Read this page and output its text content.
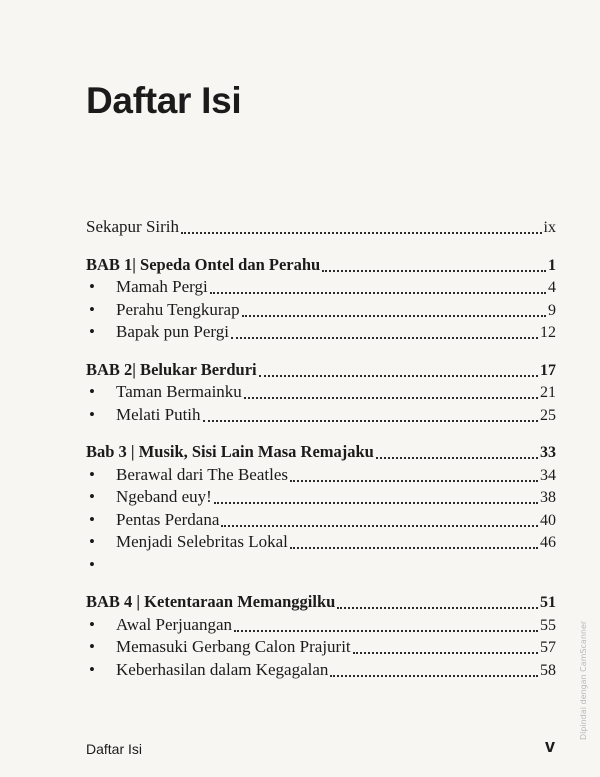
Daftar Isi
Sekapur Sirih	ix
BAB 1| Sepeda Ontel dan Perahu	1
•	Mamah Pergi	4
•	Perahu Tengkurap	9
•	Bapak pun Pergi	12
BAB 2| Belukar Berduri	17
•	Taman Bermainku	21
•	Melati Putih	25
Bab 3 | Musik, Sisi Lain Masa Remajaku	33
•	Berawal dari The Beatles	34
•	Ngeband euy!	38
•	Pentas Perdana	40
•	Menjadi Selebritas Lokal	46
•
BAB 4 | Ketentaraan Memanggilku	51
•	Awal Perjuangan	55
•	Memasuki Gerbang Calon Prajurit	57
•	Keberhasilan dalam Kegagalan	58
Daftar Isi	v
Dipindai dengan CamScanner
